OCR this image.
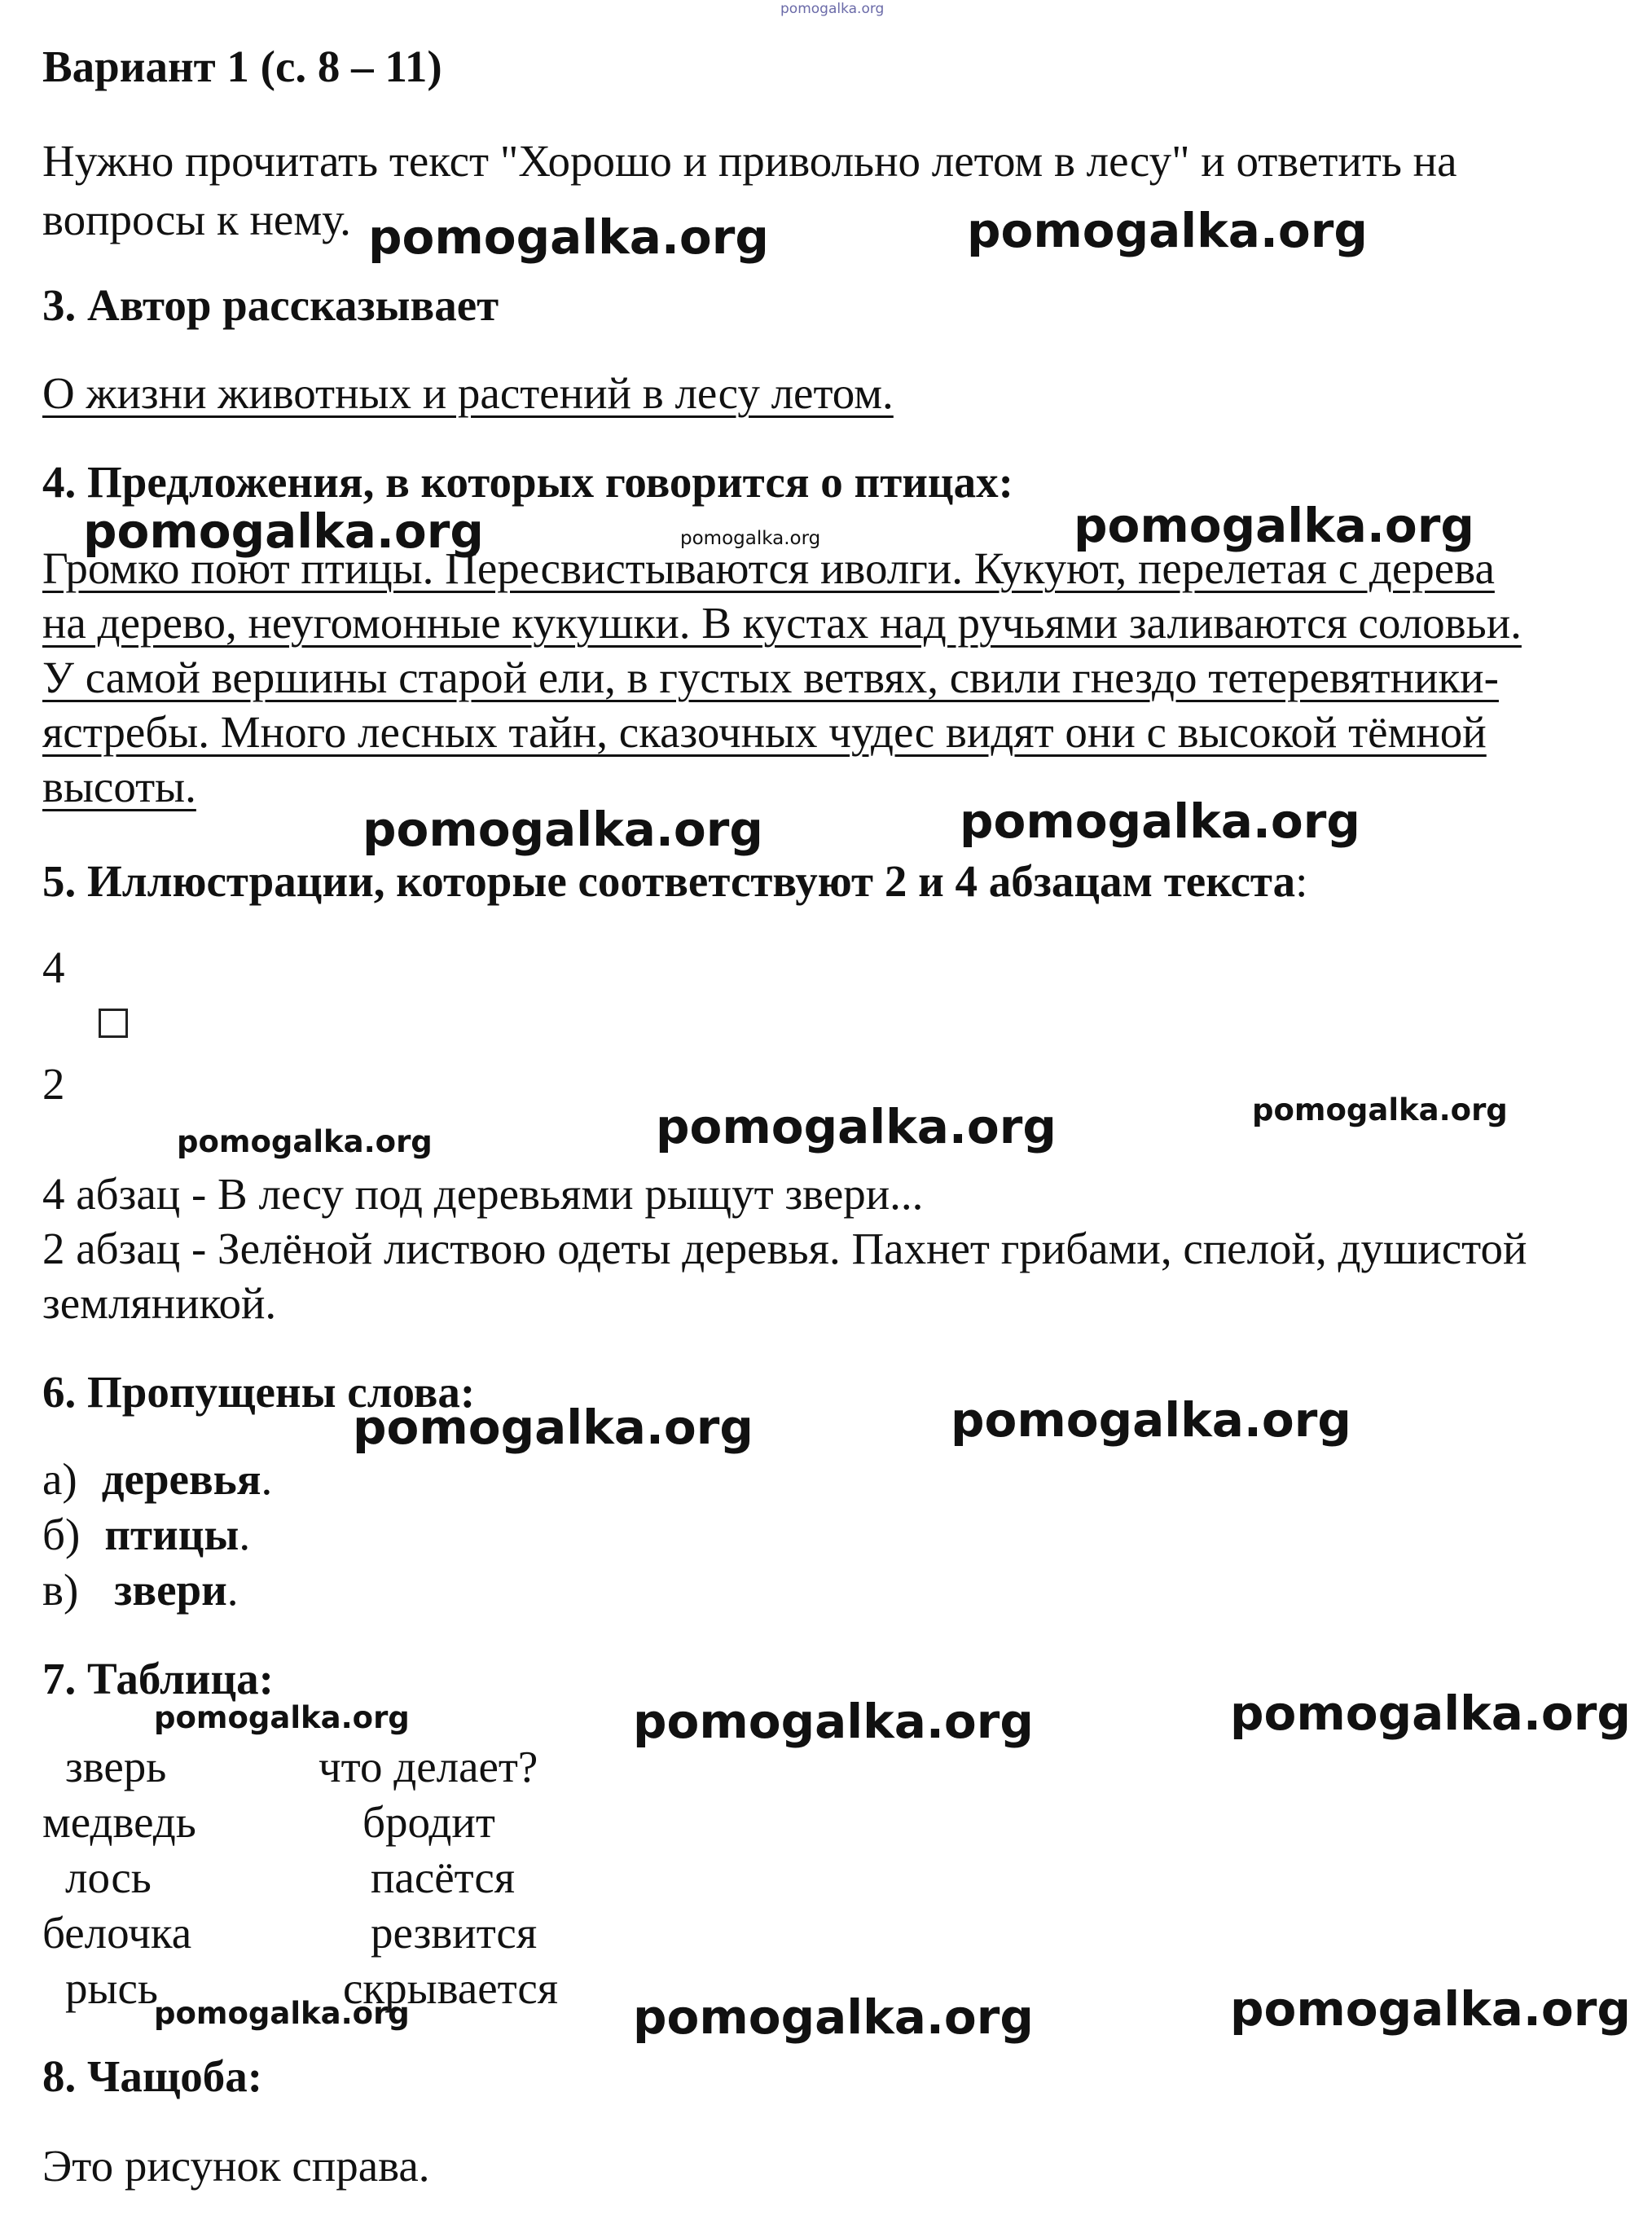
pomogalka.org

Вариант 1 (с. 8 – 11)

Нужно прочитать текст "Хорошо и привольно летом в лесу" и ответить на

вопросы к нему. pomogalka.org	pomogalka.org

3. Автор рассказывает

О жизни животных и растений в лесу летом.

4. Предложения, в которых говорится о птицах:

Громко поют птицы. Пересвистываются иволги. Кукуют, перелетая с дерева
на дерево, неугомонные кукушки. В кустах над ручьями заливаются соловьи.
У самой вершины старой ели, в густых ветвях, свили гнездо тетеревятники-
ястребы. Много лесных тайн, сказочных чудес видят они с высокой тёмной
высоты.

pomogalka.org	pomogalka.org	pomogalka.org

pomogalka.org	pomogalka.org

5. Иллюстрации, которые соответствуют 2 и 4 абзацам текста:

4

2

pomogalka.org	pomogalka.org	pomogalka.org

4 абзац - В лесу под деревьями рыщут звери...

2 абзац - Зелёной листвою одеты деревья. Пахнет грибами, спелой, душистой

земляникой.

6. Пропущены слова:

pomogalka.org	pomogalka.org

а) деревья.

б) птицы.

в) звери.

7. Таблица:

pomogalka.org	pomogalka.org	pomogalka.org

зверь	что делает?

медведь	бродит

лось	пасётся

белочка	резвится

рысь	скрывается

pomogalka.org	pomogalka.org	pomogalka.org

8. Чащоба:

Это рисунок справа.
